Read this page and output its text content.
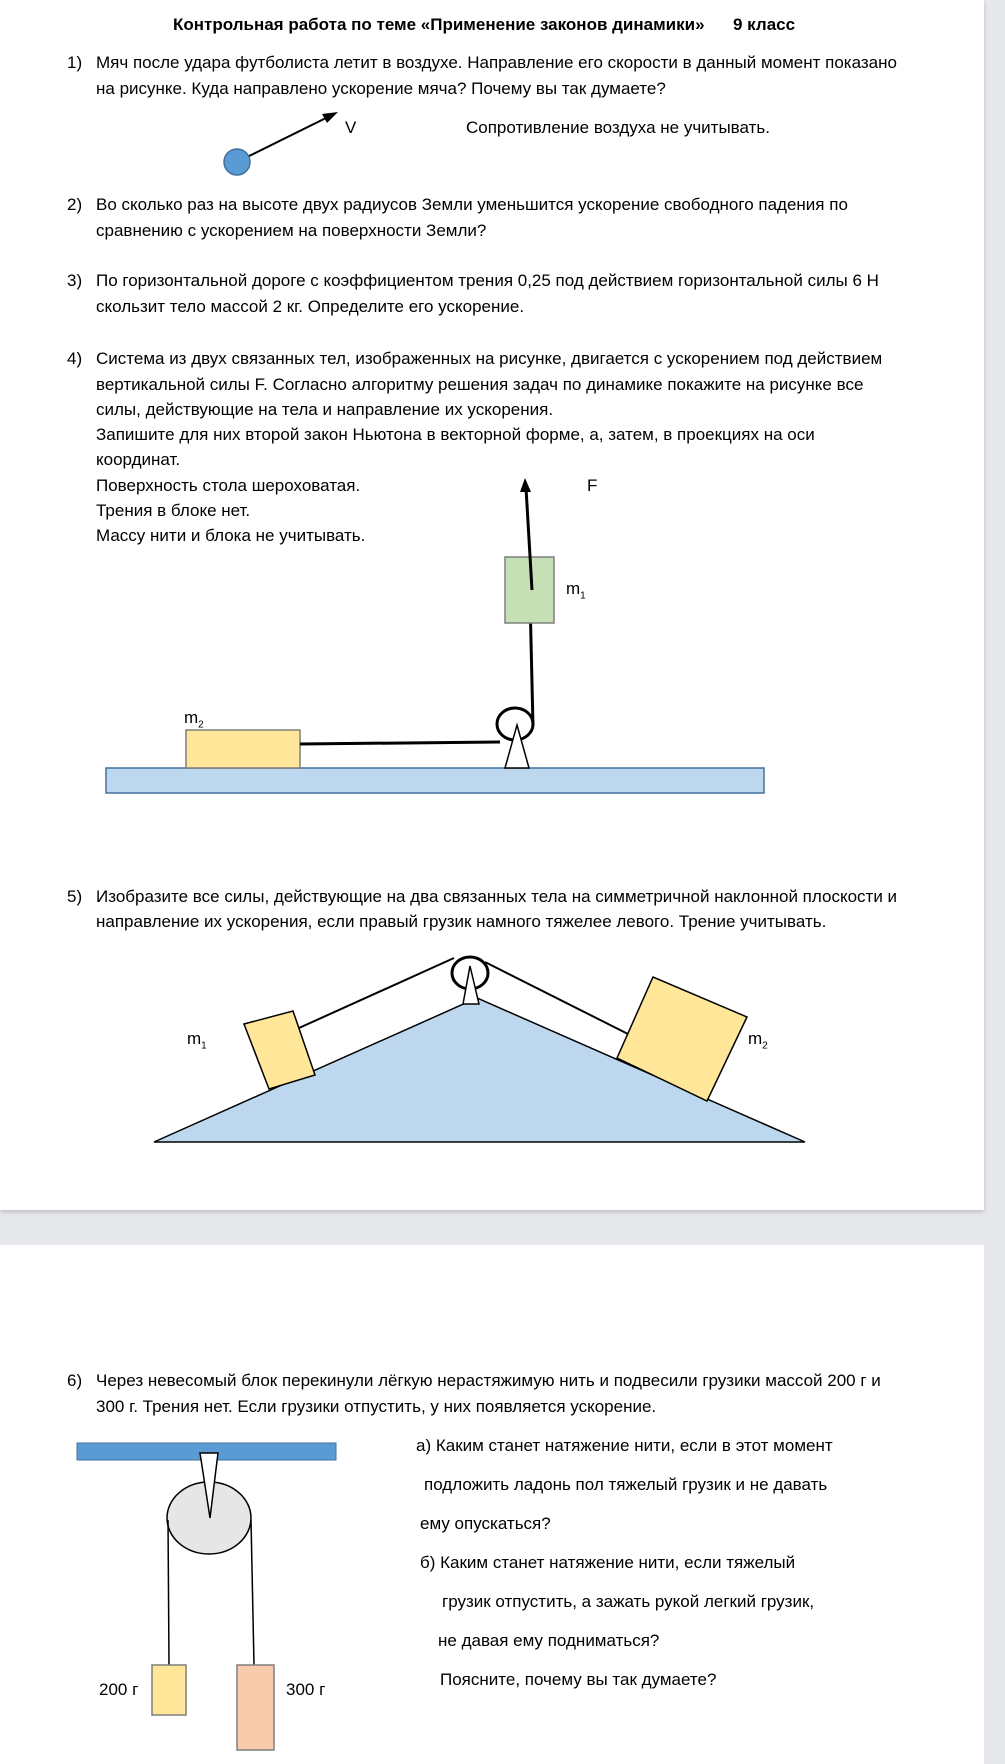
Контрольная работа по теме «Применение законов динамики» 9 класс
1) Мяч после удара футболиста летит в воздухе. Направление его скорости в данный момент показано
на рисунке. Куда направлено ускорение мяча? Почему вы так думаете?
V	Сопротивление воздуха не учитывать.
2) Во сколько раз на высоте двух радиусов Земли уменьшится ускорение свободного падения по
сравнению с ускорением на поверхности Земли?
3) По горизонтальной дороге с коэффициентом трения 0,25 под действием горизонтальной силы 6 Н
скользит тело массой 2 кг. Определите его ускорение.
4) Система из двух связанных тел, изображенных на рисунке, двигается с ускорением под действием
вертикальной силы F. Согласно алгоритму решения задач по динамике покажите на рисунке все
силы, действующие на тела и направление их ускорения.
Запишите для них второй закон Ньютона в векторной форме, а, затем, в проекциях на оси
координат.
Поверхность стола шероховатая.
Трения в блоке нет.
Массу нити и блока не учитывать.
F
$m_1$
$m_2$
5) Изобразите все силы, действующие на два связанных тела на симметричной наклонной плоскости и
направление их ускорения, если правый грузик намного тяжелее левого. Трение учитывать.
$m_1$	$m_2$
6) Через невесомый блок перекинули лёгкую нерастяжимую нить и подвесили грузики массой 200 г и
300 г. Трения нет. Если грузики отпустить, у них появляется ускорение.
200 г	300 г
а) Каким станет натяжение нити, если в этот момент
подложить ладонь пол тяжелый грузик и не давать
ему опускаться?
б) Каким станет натяжение нити, если тяжелый
грузик отпустить, а зажать рукой легкий грузик,
не давая ему подниматься?
Поясните, почему вы так думаете?
